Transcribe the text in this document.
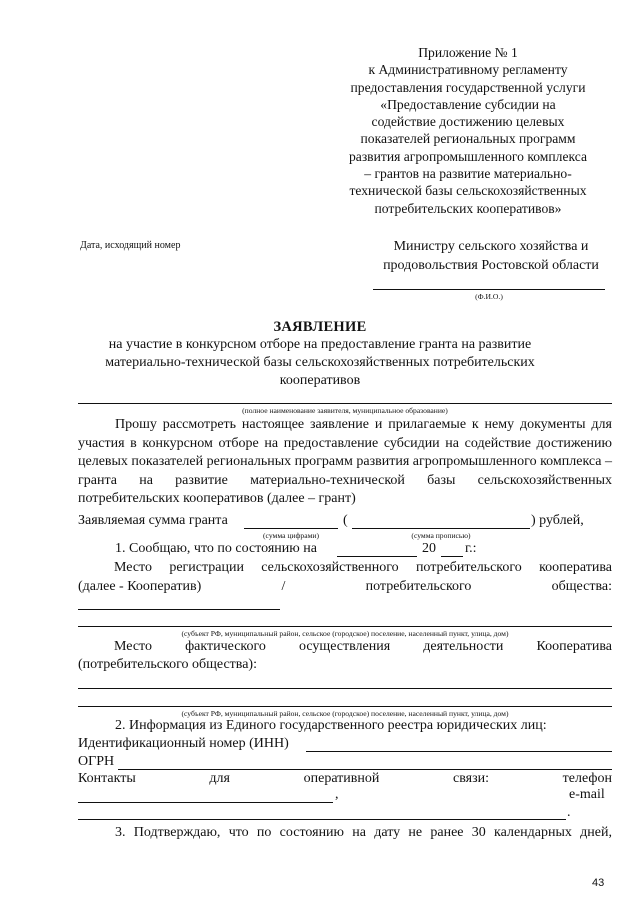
Приложение № 1
к Административному регламенту
предоставления государственной услуги
«Предоставление субсидии на
содействие достижению целевых
показателей региональных программ
развития агропромышленного комплекса
– грантов на развитие материально-
технической базы сельскохозяйственных
потребительских кооперативов»
Дата, исходящий номер	Министру сельского хозяйства и
продовольствия Ростовской области
(Ф.И.О.)
ЗАЯВЛЕНИЕ
на участие в конкурсном отборе на предоставление гранта на развитие материально-технической базы сельскохозяйственных потребительских кооперативов
(полное наименование заявителя, муниципальное образование)
Прошу рассмотреть настоящее заявление и прилагаемые к нему документы для участия в конкурсном отборе на предоставление субсидии на содействие достижению целевых показателей региональных программ развития агропромышленного комплекса – гранта на развитие материально-технической базы сельскохозяйственных потребительских кооперативов (далее – грант)
Заявляемая сумма гранта	(	) рублей,
(сумма цифрами)	(сумма прописью)
1. Сообщаю, что по состоянию на	20 г.:
Место регистрации сельскохозяйственного потребительского кооператива
(далее - Кооператив)	/	потребительского	общества:
(субъект РФ, муниципальный район, сельское (городское) поселение, населенный пункт, улица, дом)
Место фактического осуществления деятельности Кооператива
(потребительского общества):
(субъект РФ, муниципальный район, сельское (городское) поселение, населенный пункт, улица, дом)
2. Информация из Единого государственного реестра юридических лиц:
Идентификационный номер (ИНН)
ОГРН
Контакты	для	оперативной	связи:	телефон
,	e-mail
.
3. Подтверждаю, что по состоянию на дату не ранее 30 календарных дней,
43
